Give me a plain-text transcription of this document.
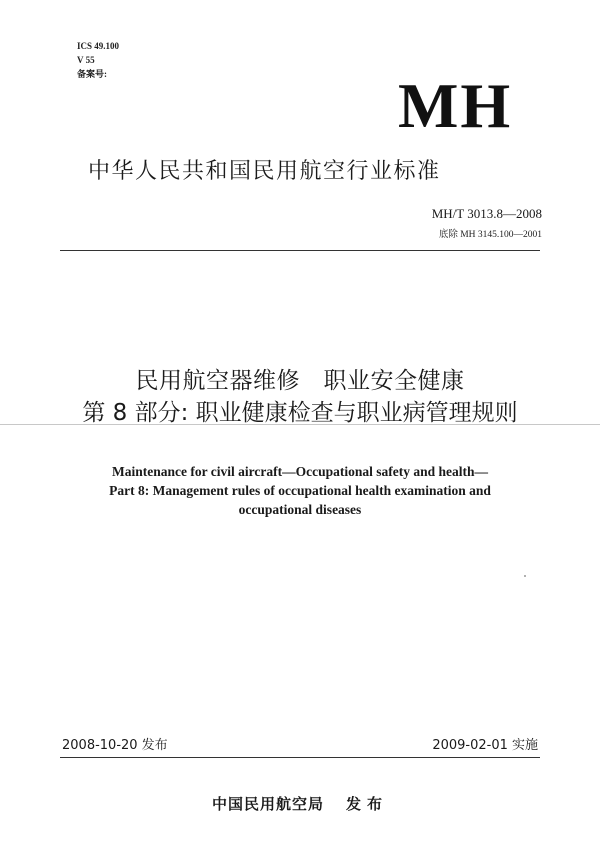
ICS 49.100
V 55
备案号:	MH
中华人民共和国民用航空行业标准
MH/T 3013.8—2008
底除 MH 3145.100—2001
民用航空器维修　职业安全健康
第 8 部分: 职业健康检查与职业病管理规则
Maintenance for civil aircraft—Occupational safety and health—
Part 8: Management rules of occupational health examination and
occupational diseases
2008-10-20 发布	2009-02-01 实施
中国民用航空局 发布
